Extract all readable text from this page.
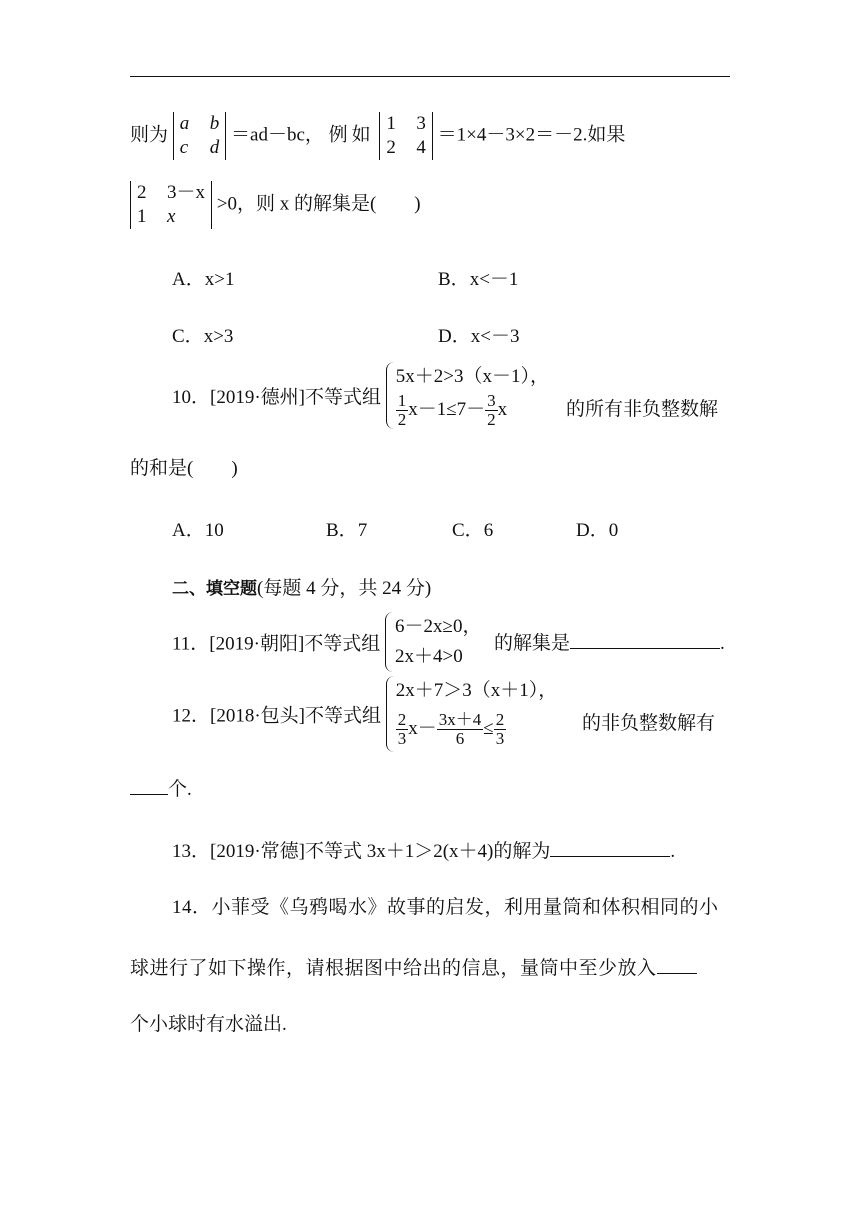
则为
a b
c d
＝ad－bc， 例如
1 3
2 4
＝1×4－3×2＝－2.如果
2 3－x
1 x
>0，则 x 的解集是(　　)
A．x>1	B．x<－1
C．x>3	D．x<－3
10．[2019·德州]不等式组
5x＋2>3（x－1），
$\frac{1}{2} x-1\le 7- \frac{3}{2}$ x	的所有非负整数解
的和是(　　)
A．10	B．7	C．6	D．0
二、填空题(每题 4 分，共 24 分)
11．[2019·朝阳]不等式组
6－2x≥0，
2x＋4>0
的解集是	.
12．[2018·包头]不等式组
2x＋7＞3（x＋1），
$\frac{2}{3} x- \frac{3x+4}{6} \le \frac{2}{3}$	的非负整数解有
个.
13．[2019·常德]不等式 3x＋1＞2(x＋4)的解为	.
14．小菲受《乌鸦喝水》故事的启发，利用量筒和体积相同的小
球进行了如下操作，请根据图中给出的信息，量筒中至少放入
个小球时有水溢出.
